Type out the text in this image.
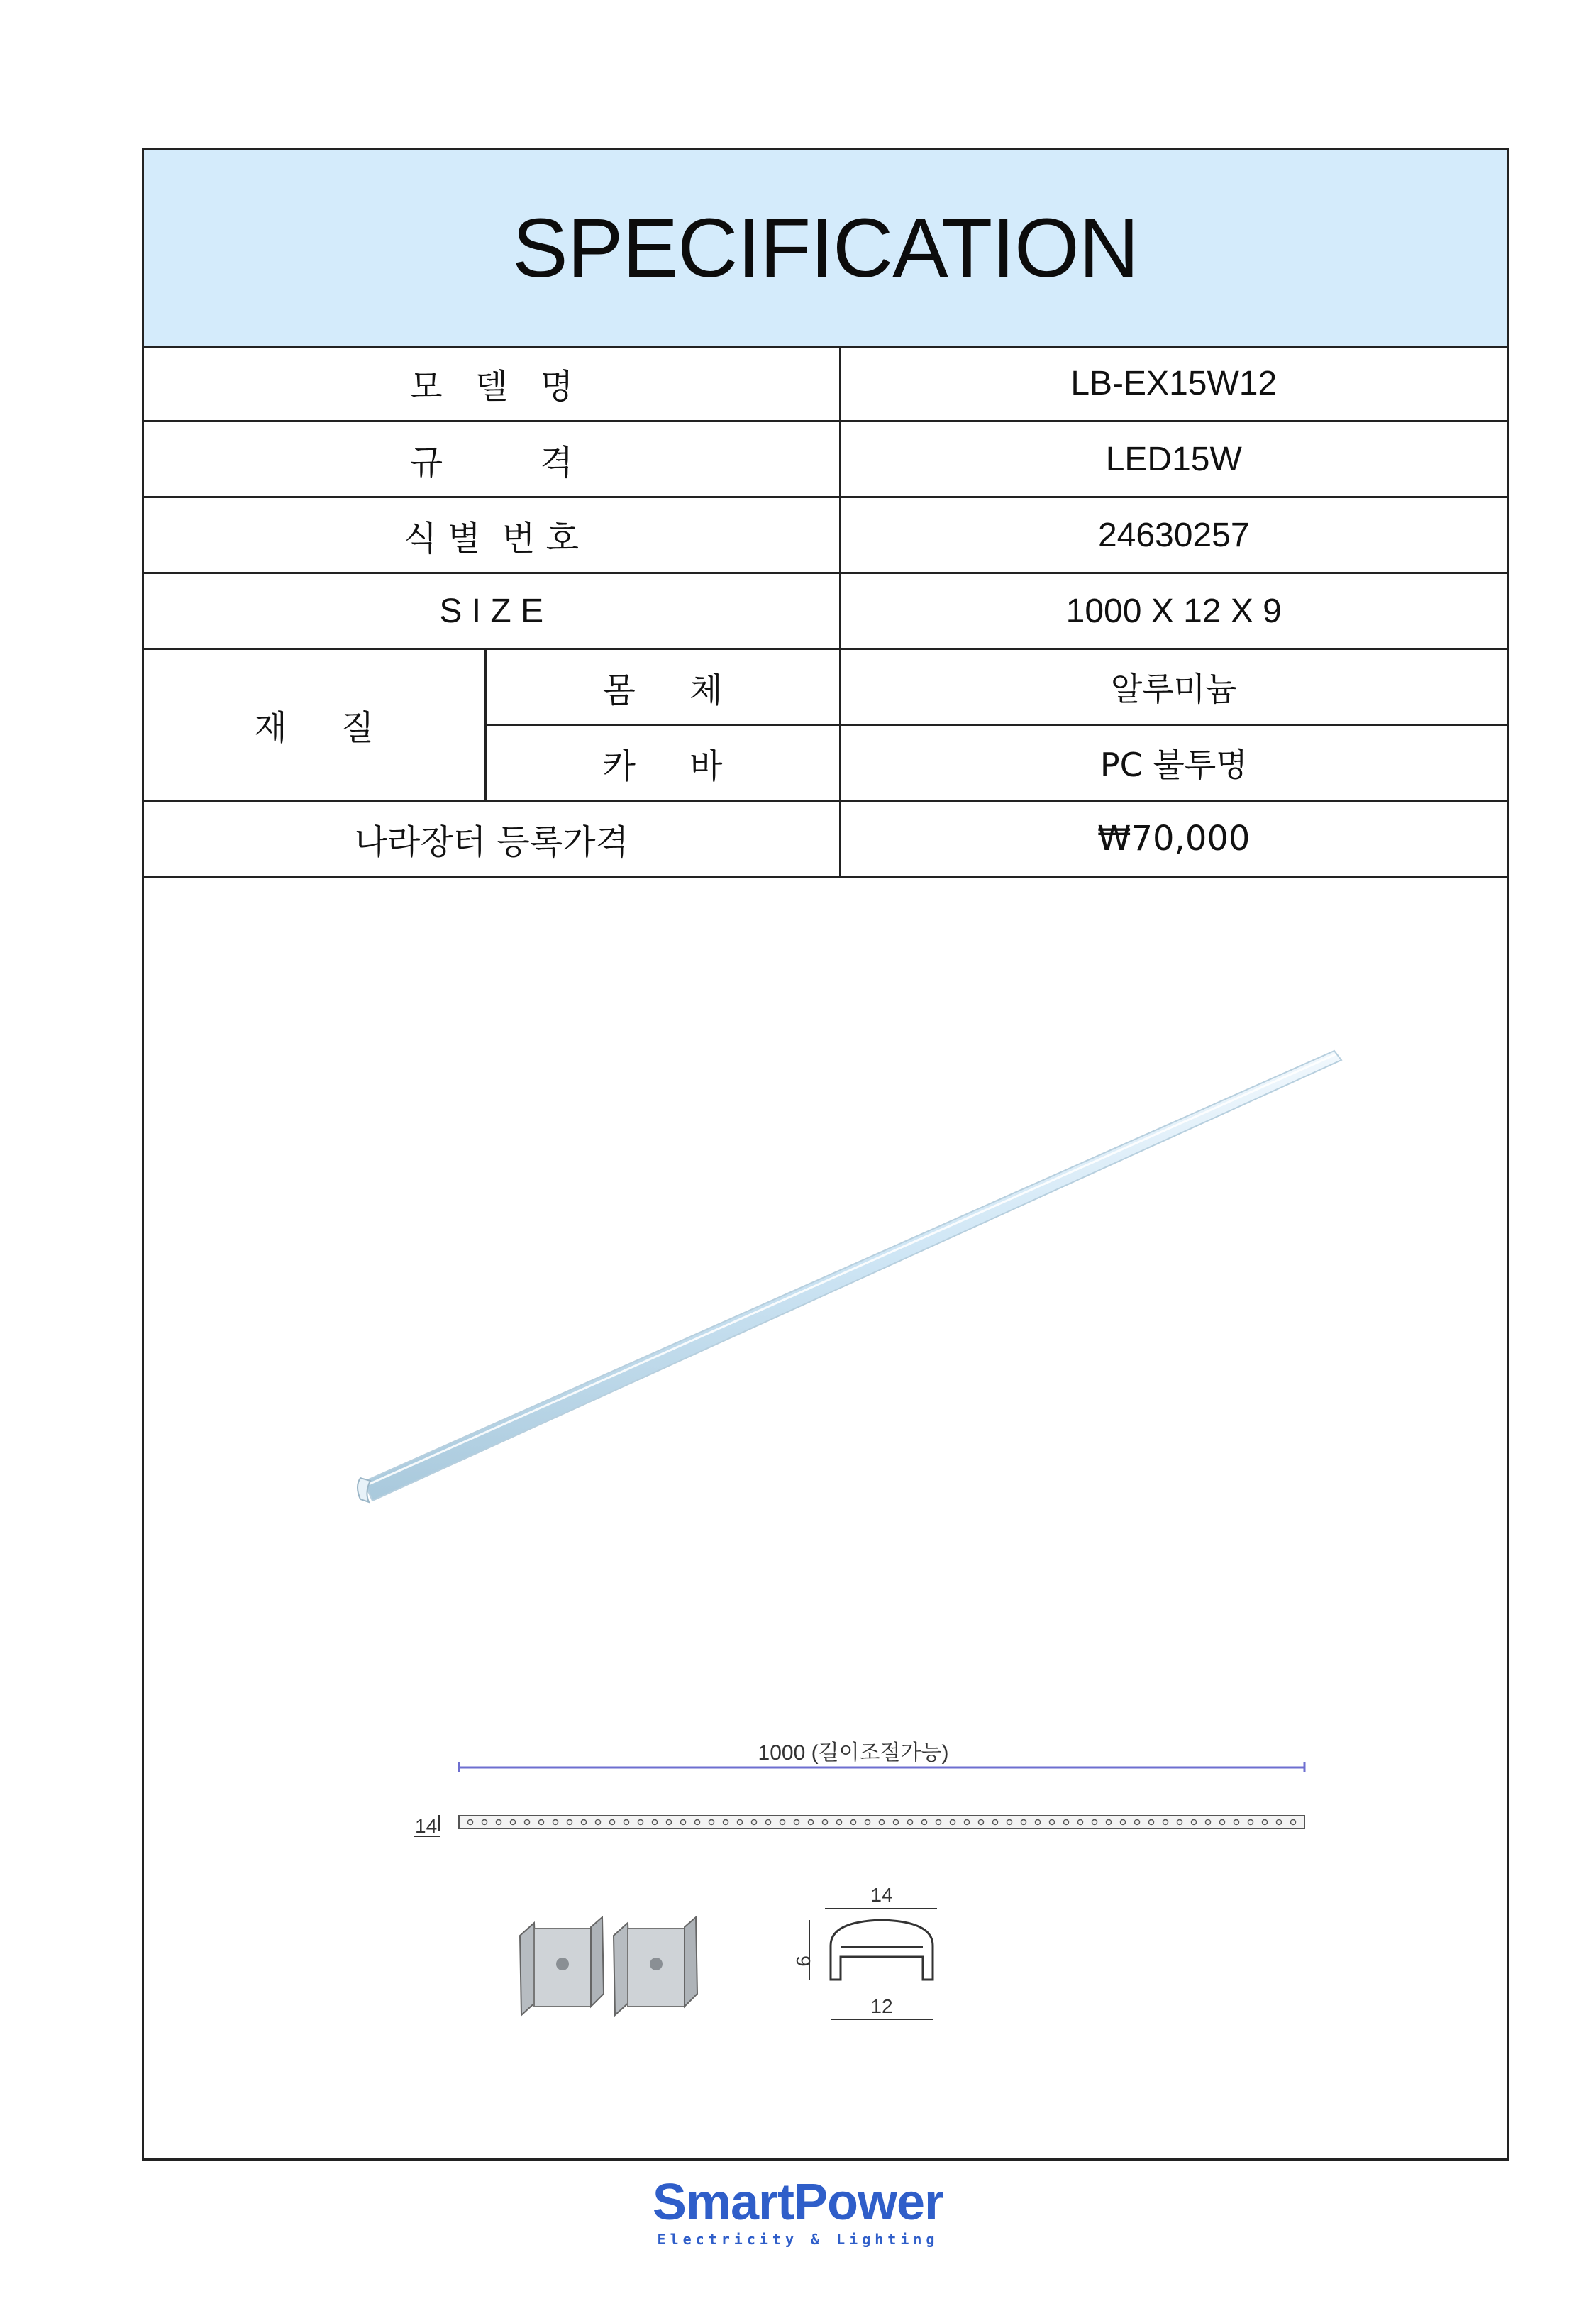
SPECIFICATION
모   델   명		LB-EX15W12
규         격		LED15W
식 별  번 호		24630257
S I Z E		1000 X 12 X 9
재     질	몸     체	알루미늄
	카     바	PC 불투명
나라장터 등록가격		₩70,000
1000 (길이조절가능)
14
14
9
12
SmartPower
Electricity & Lighting
